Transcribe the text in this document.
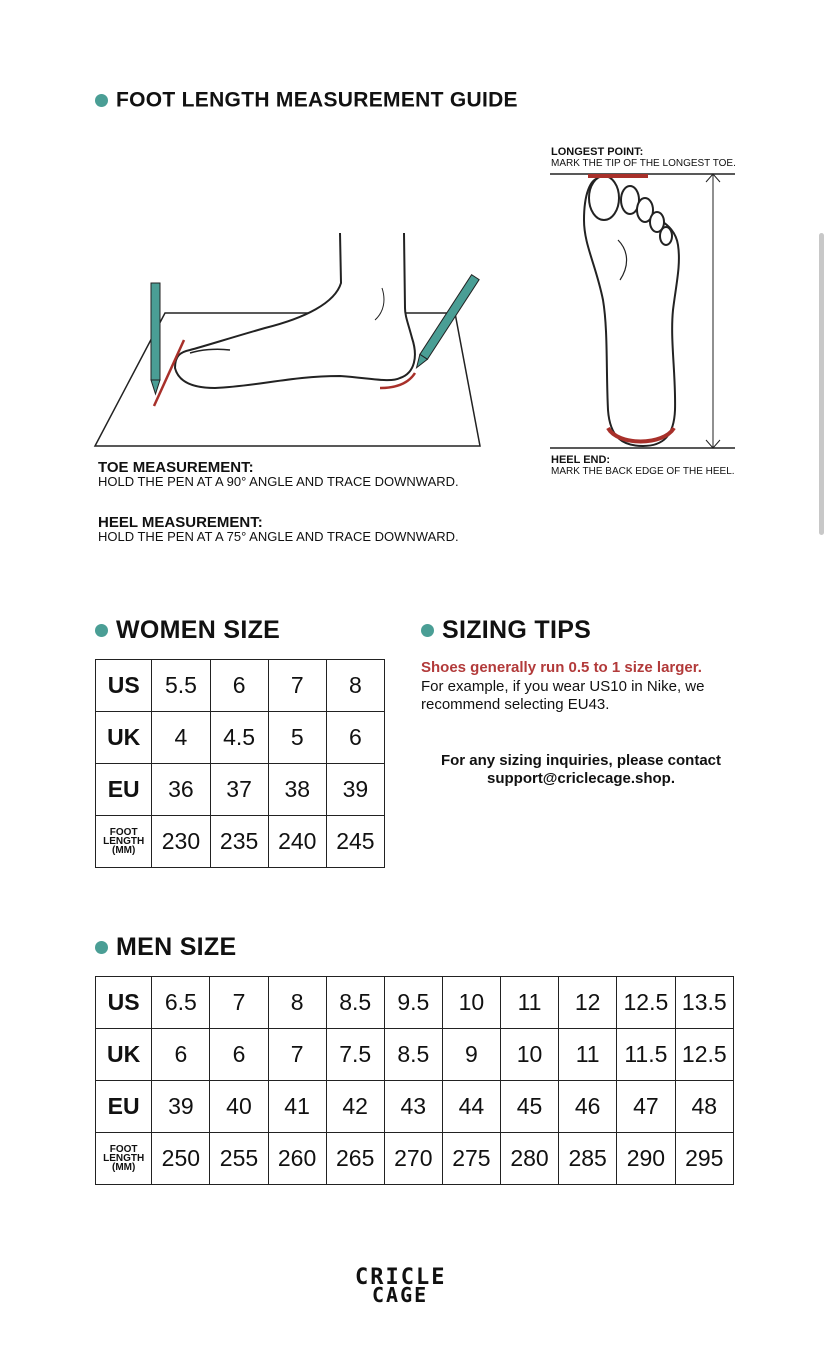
FOOT LENGTH MEASUREMENT GUIDE
TOE MEASUREMENT:
HOLD THE PEN AT A 90° ANGLE AND TRACE DOWNWARD.
HEEL MEASUREMENT:
HOLD THE PEN AT A 75° ANGLE AND TRACE DOWNWARD.
LONGEST POINT:
MARK THE TIP OF THE LONGEST TOE.
HEEL END:
MARK THE BACK EDGE OF THE HEEL.
WOMEN SIZE
US	5.5	6	7	8
UK	4	4.5	5	6
EU	36	37	38	39

FOOT
LENGTH
(MM)	230	235	240	245
SIZING TIPS
Shoes generally run 0.5 to 1 size larger.
For example, if you wear US10 in Nike, we recommend selecting EU43.
For any sizing inquiries, please contact support@criclecage.shop.
MEN SIZE
US	6.5	7	8	8.5	9.5	10	11	12	12.5	13.5
UK	6	6	7	7.5	8.5	9	10	11	11.5	12.5
EU	39	40	41	42	43	44	45	46	47	48

FOOT
LENGTH
(MM)	250	255	260	265	270	275	280	285	290	295
CRICLE
CAGE
